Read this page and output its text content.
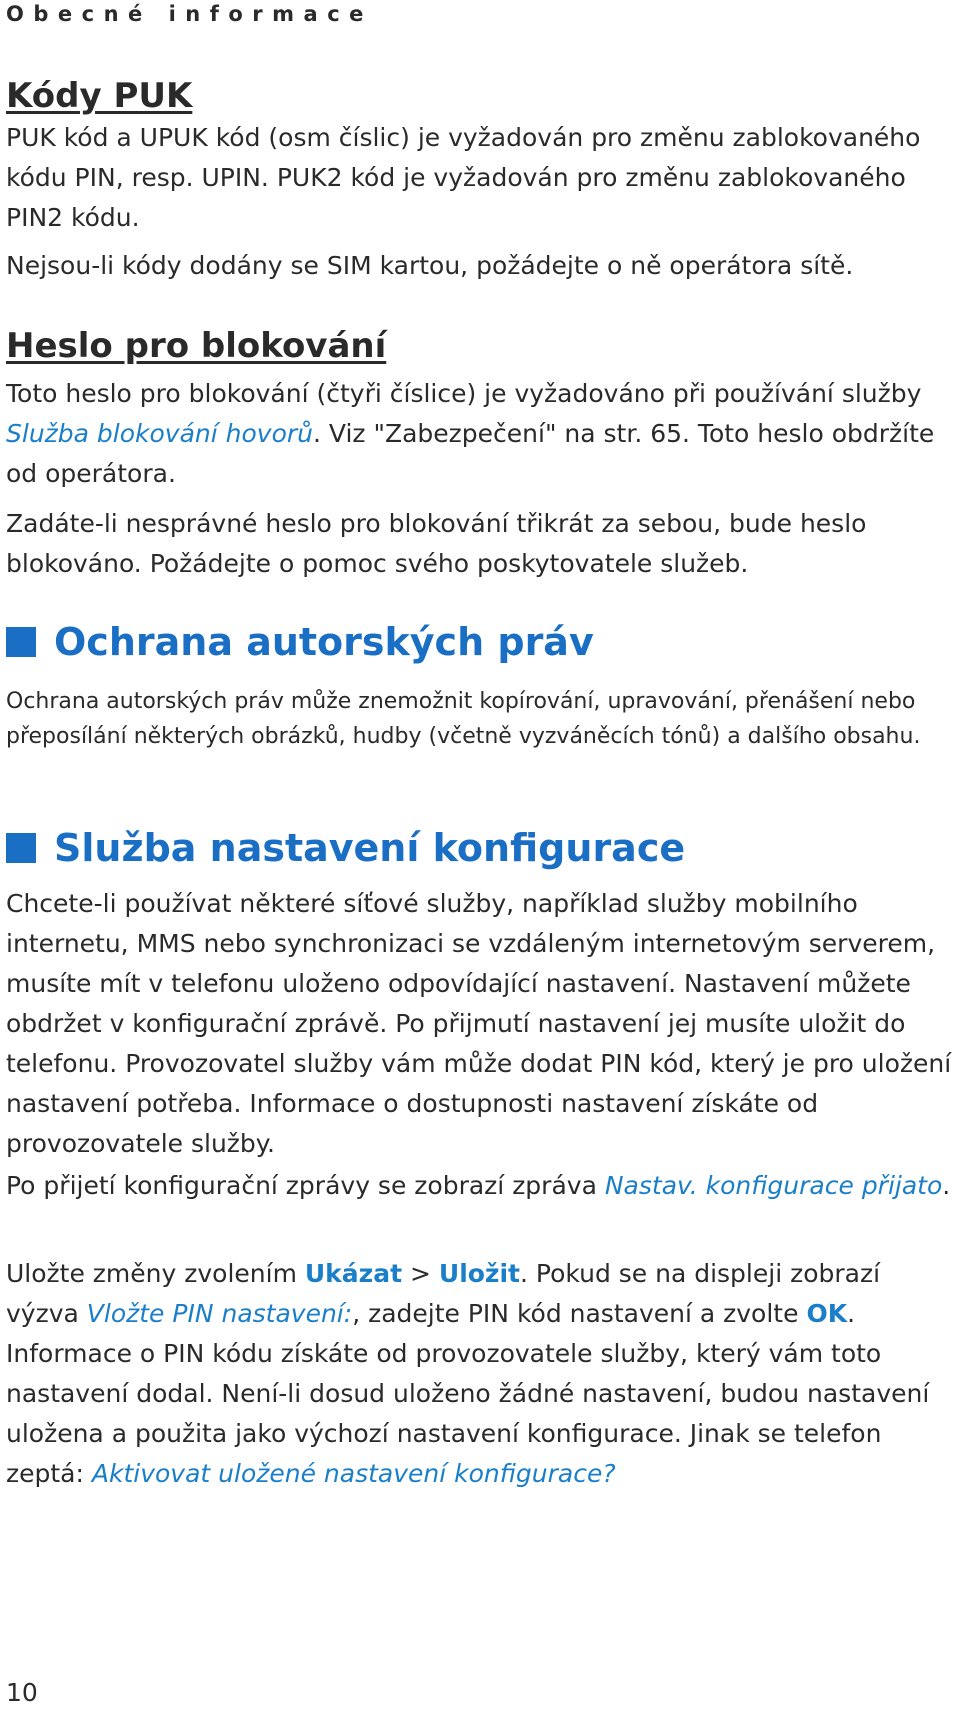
Obecné informace
Kódy PUK

PUK kód a UPUK kód (osm číslic) je vyžadován pro změnu zablokovaného kódu PIN, resp. UPIN. PUK2 kód je vyžadován pro změnu zablokovaného PIN2 kódu.

Nejsou-li kódy dodány se SIM kartou, požádejte o ně operátora sítě.

Heslo pro blokování

Toto heslo pro blokování (čtyři číslice) je vyžadováno při používání služby Služba blokování hovorů. Viz "Zabezpečení" na str. 65. Toto heslo obdržíte od operátora.

Zadáte-li nesprávné heslo pro blokování třikrát za sebou, bude heslo blokováno. Požádejte o pomoc svého poskytovatele služeb.

Ochrana autorských práv

Ochrana autorských práv může znemožnit kopírování, upravování, přenášení nebo přeposílání některých obrázků, hudby (včetně vyzváněcích tónů) a dalšího obsahu.

Služba nastavení konfigurace

Chcete-li používat některé síťové služby, například služby mobilního internetu, MMS nebo synchronizaci se vzdáleným internetovým serverem, musíte mít v telefonu uloženo odpovídající nastavení. Nastavení můžete obdržet v konfigurační zprávě. Po přijmutí nastavení jej musíte uložit do telefonu. Provozovatel služby vám může dodat PIN kód, který je pro uložení nastavení potřeba. Informace o dostupnosti nastavení získáte od provozovatele služby.

Po přijetí konfigurační zprávy se zobrazí zpráva Nastav. konfigurace přijato.

Uložte změny zvolením Ukázat > Uložit. Pokud se na displeji zobrazí výzva Vložte PIN nastavení:, zadejte PIN kód nastavení a zvolte OK. Informace o PIN kódu získáte od provozovatele služby, který vám toto nastavení dodal. Není-li dosud uloženo žádné nastavení, budou nastavení uložena a použita jako výchozí nastavení konfigurace. Jinak se telefon zeptá: Aktivovat uložené nastavení konfigurace?

10
